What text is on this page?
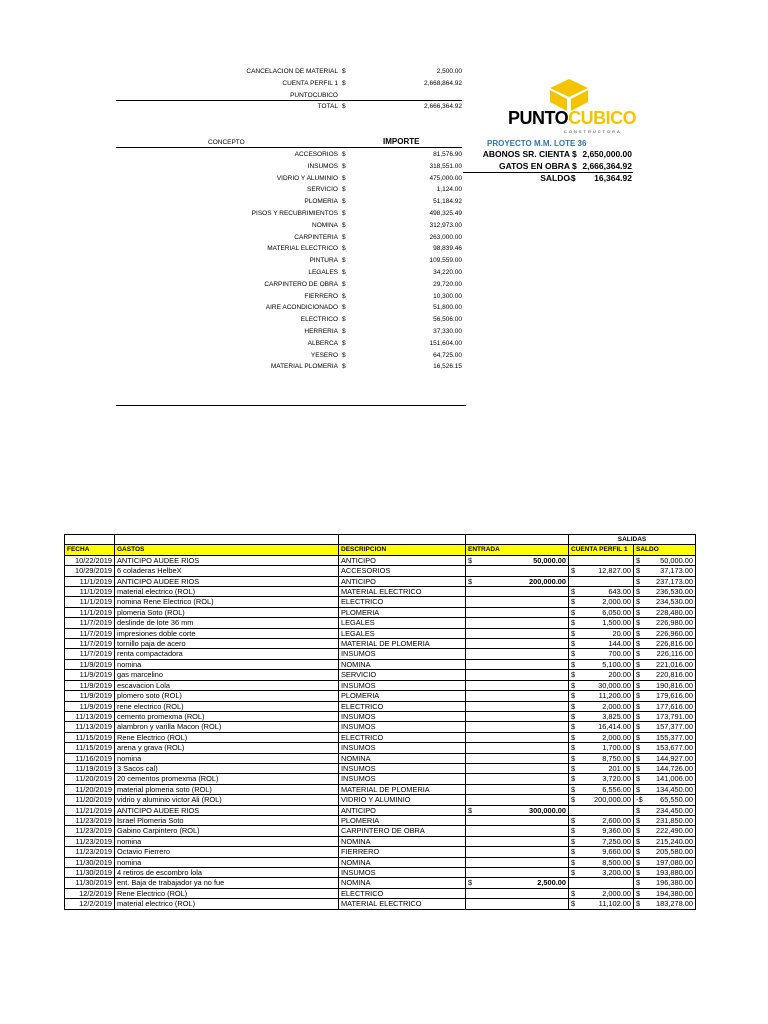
CANCELACION DE MATERIAL $	2,500.00
CUENTA PERFIL 1 $	2,668,864.92
PUNTOCUBICO
TOTAL $	2,666,364.92
PUNTOCUBICO
CONSTRUCTORA
CONCEPTO	IMPORTE
ACCESORIOS $	81,576.90
INSUMOS $	318,551.00
VIDRIO Y ALUMINIO $	475,000.00
SERVICIO $	1,124.00
PLOMERIA $	51,184.92
PISOS Y RECUBRIMIENTOS $	498,325.49
NOMINA $	312,973.00
CARPINTERIA $	263,000.00
MATERIAL ELECTRICO $	98,839.46
PINTURA $	109,559.00
LEGALES $	34,220.00
CARPINTERO DE OBRA $	29,720.00
FIERRERO $	10,300.00
AIRE ACONDICIONADO $	51,800.00
ELECTRICO $	56,506.00
HERRERIA $	37,330.00
ALBERCA $	151,604.00
YESERO $	64,725.00
MATERIAL PLOMERIA $	16,526.15
PROYECTO M.M. LOTE 36
ABONOS SR. CIENTA $ 2,650,000.00
GATOS EN OBRA $ 2,666,364.92
SALDO
-$ 16,364.92
				SALIDAS	
FECHA	GASTOS	DESCRIPCION	ENTRADA	CUENTA PERFIL 1	SALDO
10/22/2019	ANTICIPO AUDEE RIOS	ANTICIPO	$ 50,000.00		$ 50,000.00

10/29/2019	6 coladeras HelbeX	ACCESORIOS		$ 12,827.00	$ 37,173.00

11/1/2019	ANTICIPO AUDEE RIOS	ANTICIPO	$ 200,000.00		$ 237,173.00

11/1/2019	material electrico (ROL)	MATERIAL ELECTRICO		$ 643.00	$ 236,530.00

11/1/2019	nomina Rene Electrico (ROL)	ELECTRICO		$ 2,000.00	$ 234,530.00

11/1/2019	plomeria Soto (ROL)	PLOMERIA		$ 6,050.00	$ 228,480.00

11/7/2019	deslinde de lote 36 mm	LEGALES		$ 1,500.00	$ 226,980.00

11/7/2019	impresiones doble corte	LEGALES		$ 20.00	$ 226,960.00

11/7/2019	tornillo paja de acero	MATERIAL DE PLOMERIA		$ 144.00	$ 226,816.00

11/7/2019	renta compactadora	INSUMOS		$ 700.00	$ 226,116.00

11/9/2019	nomina	NOMINA		$ 5,100.00	$ 221,016.00

11/9/2019	gas marcelino	SERVICIO		$ 200.00	$ 220,816.00

11/9/2019	escavacion Lola	INSUMOS		$ 30,000.00	$ 190,816.00

11/9/2019	plomero soto (ROL)	PLOMERIA		$ 11,200.00	$ 179,616.00

11/9/2019	rene electrico (ROL)	ELECTRICO		$ 2,000.00	$ 177,616.00

11/13/2019	cemento promexma (ROL)	INSUMOS		$ 3,825.00	$ 173,791.00

11/13/2019	alambron y varilla Macon (ROL)	INSUMOS		$ 16,414.00	$ 157,377.00

11/15/2019	Rene Electrico (ROL)	ELECTRICO		$ 2,000.00	$ 155,377.00

11/15/2019	arena y grava (ROL)	INSUMOS		$ 1,700.00	$ 153,677.00

11/16/2019	nomina	NOMINA		$ 8,750.00	$ 144,927.00

11/19/2019	3 Sacos cal)	INSUMOS		$ 201.00	$ 144,726.00

11/20/2019	20 cementos promexma (ROL)	INSUMOS		$ 3,720.00	$ 141,006.00

11/20/2019	material plomeria soto (ROL)	MATERIAL DE PLOMERIA		$ 6,556.00	$ 134,450.00

11/20/2019	vidrio y aluminio victor Ali (ROL)	VIDRIO Y ALUMINIO		$ 200,000.00	-$ 65,550.00

11/21/2019	ANTICIPO AUDEE RIOS	ANTICIPO	$ 300,000.00		$ 234,450.00

11/23/2019	Israel Plomeria Soto	PLOMERIA		$ 2,600.00	$ 231,850.00

11/23/2019	Gabino Carpintero (ROL)	CARPINTERO DE OBRA		$ 9,360.00	$ 222,490.00

11/23/2019	nomina	NOMINA		$ 7,250.00	$ 215,240.00

11/23/2019	Octavio Fierrero	FIERRERO		$ 9,660.00	$ 205,580.00

11/30/2019	nomina	NOMINA		$ 8,500.00	$ 197,080.00

11/30/2019	4 retiros de escombro lola	INSUMOS		$ 3,200.00	$ 193,880.00

11/30/2019	ent. Baja de trabajador ya no fue	NOMINA	$ 2,500.00		$ 196,380.00

12/2/2019	Rene Electrico (ROL)	ELECTRICO		$ 2,000.00	$ 194,380.00

12/2/2019	material electrico (ROL)	MATERIAL ELECTRICO		$ 11,102.00	$ 183,278.00
